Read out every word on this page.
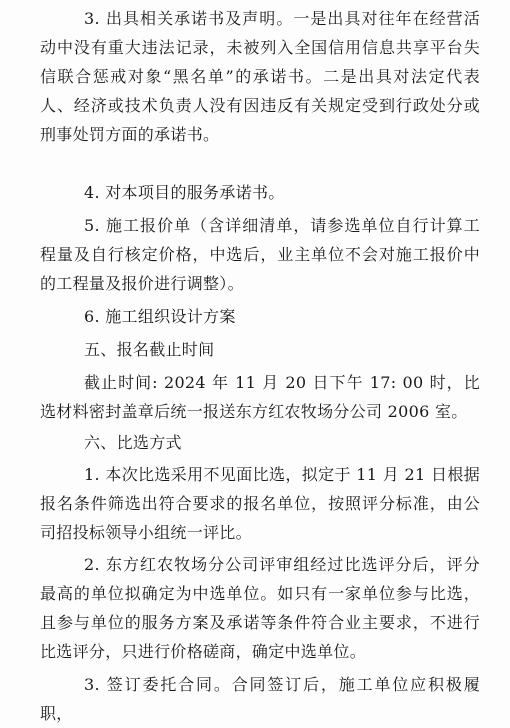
3. 出具相关承诺书及声明。一是出具对往年在经营活动中没有重大违法记录，未被列入全国信用信息共享平台失信联合惩戒对象“黑名单”的承诺书。二是出具对法定代表人、经济或技术负责人没有因违反有关规定受到行政处分或刑事处罚方面的承诺书。

4. 对本项目的服务承诺书。

5. 施工报价单（含详细清单，请参选单位自行计算工程量及自行核定价格，中选后，业主单位不会对施工报价中的工程量及报价进行调整）。

6. 施工组织设计方案

五、报名截止时间

截止时间: 2024 年 11 月 20 日下午 17: 00 时，比选材料密封盖章后统一报送东方红农牧场分公司 2006 室。

六、比选方式

1. 本次比选采用不见面比选，拟定于 11 月 21 日根据报名条件筛选出符合要求的报名单位，按照评分标准，由公司招投标领导小组统一评比。

2. 东方红农牧场分公司评审组经过比选评分后，评分最高的单位拟确定为中选单位。如只有一家单位参与比选，且参与单位的服务方案及承诺等条件符合业主要求，不进行比选评分，只进行价格磋商，确定中选单位。

3. 签订委托合同。合同签订后，施工单位应积极履职，
